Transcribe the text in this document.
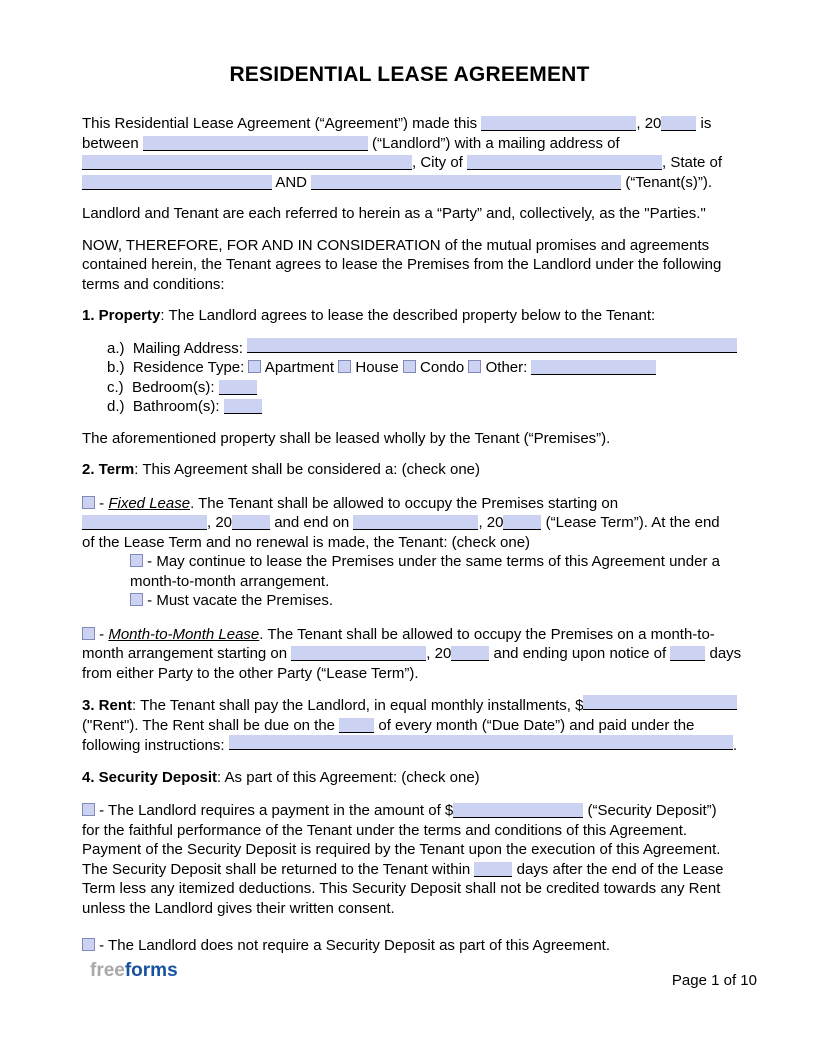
RESIDENTIAL LEASE AGREEMENT
This Residential Lease Agreement (“Agreement”) made this	, 20 is
between	(“Landlord”) with a mailing address of
, City of	, State of
AND	(“Tenant(s)”).
Landlord and Tenant are each referred to herein as a “Party” and, collectively, as the "Parties."
NOW, THEREFORE, FOR AND IN CONSIDERATION of the mutual promises and agreements
contained herein, the Tenant agrees to lease the Premises from the Landlord under the following
terms and conditions:
1. Property: The Landlord agrees to lease the described property below to the Tenant:
a.)  Mailing Address:
b.)  Residence Type:  Apartment  House  Condo  Other:
c.)  Bedroom(s):
d.)  Bathroom(s):
The aforementioned property shall be leased wholly by the Tenant (“Premises”).
2. Term: This Agreement shall be considered a: (check one)
- Fixed Lease. The Tenant shall be allowed to occupy the Premises starting on
, 20	and end on	, 20	(“Lease Term”). At the end
of the Lease Term and no renewal is made, the Tenant: (check one)
- May continue to lease the Premises under the same terms of this Agreement under a
month-to-month arrangement.
- Must vacate the Premises.
- Month-to-Month Lease. The Tenant shall be allowed to occupy the Premises on a month-to-
month arrangement starting on	, 20	and ending upon notice of  days
from either Party to the other Party (“Lease Term”).
3. Rent : The Tenant shall pay the Landlord, in equal monthly installments, $
("Rent"). The Rent shall be due on the  of every month (“Due Date”) and paid under the
following instructions:	.
4. Security Deposit: As part of this Agreement: (check one)
- The Landlord requires a payment in the amount of $	(“Security Deposit”)
for the faithful performance of the Tenant under the terms and conditions of this Agreement.
Payment of the Security Deposit is required by the Tenant upon the execution of this Agreement.
The Security Deposit shall be returned to the Tenant within	days after the end of the Lease
Term less any itemized deductions. This Security Deposit shall not be credited towards any Rent
unless the Landlord gives their written consent.
- The Landlord does not require a Security Deposit as part of this Agreement.
freeforms	Page 1 of 10
